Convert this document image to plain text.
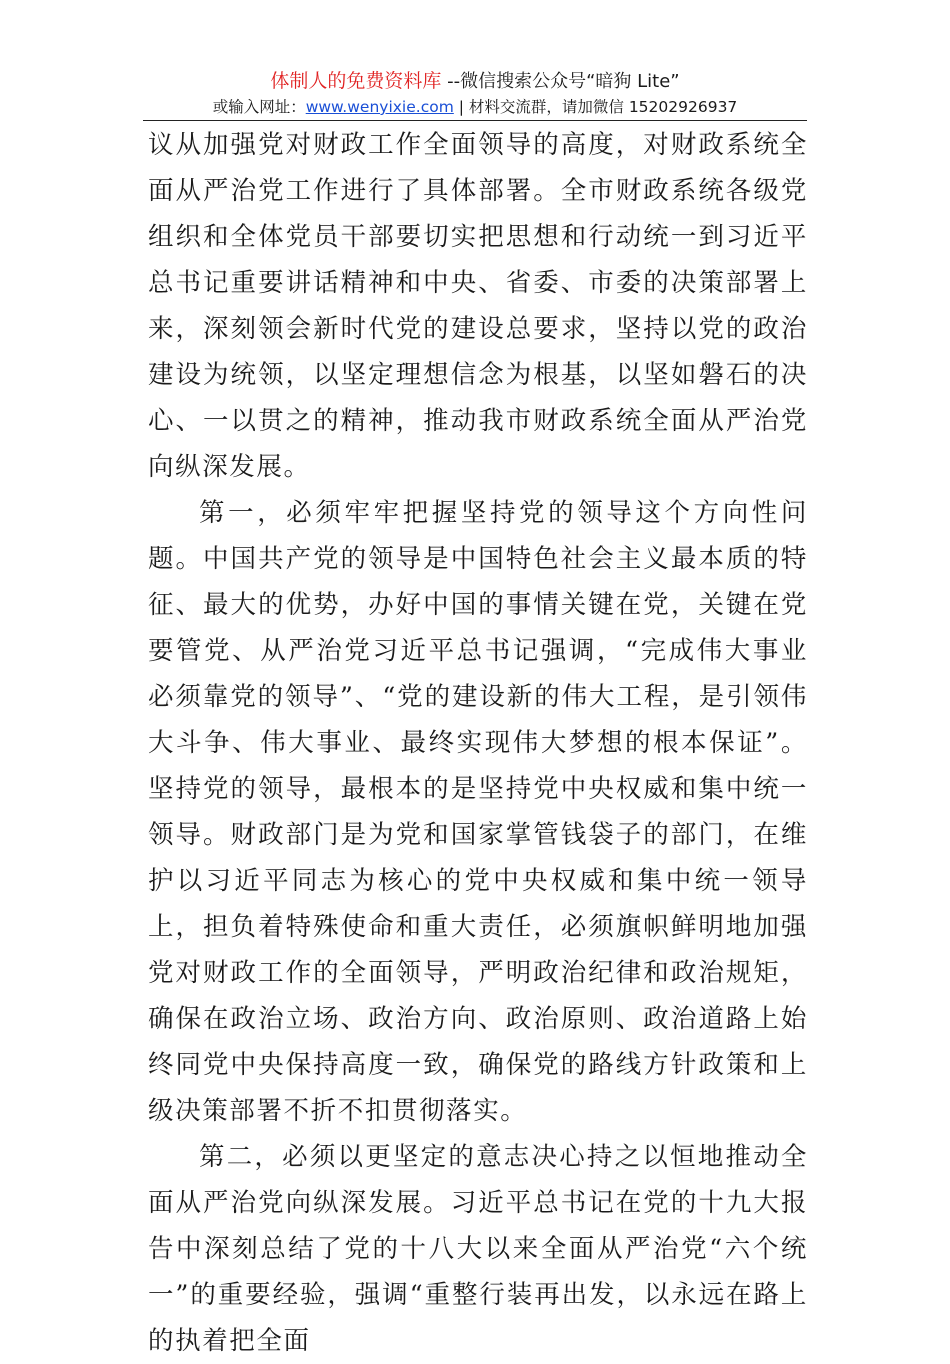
体制人的免费资料库 --微信搜索公众号“暗狗 Lite”
或输入网址：www.wenyixie.com | 材料交流群，请加微信 15202926937

议从加强党对财政工作全面领导的高度，对财政系统全面从严治党工作进行了具体部署。全市财政系统各级党组织和全体党员干部要切实把思想和行动统一到习近平总书记重要讲话精神和中央、省委、市委的决策部署上来，深刻领会新时代党的建设总要求，坚持以党的政治建设为统领，以坚定理想信念为根基，以坚如磐石的决心、一以贯之的精神，推动我市财政系统全面从严治党向纵深发展。

第一，必须牢牢把握坚持党的领导这个方向性问题。中国共产党的领导是中国特色社会主义最本质的特征、最大的优势，办好中国的事情关键在党，关键在党要管党、从严治党习近平总书记强调，“完成伟大事业必须靠党的领导”、“党的建设新的伟大工程，是引领伟大斗争、伟大事业、最终实现伟大梦想的根本保证”。坚持党的领导，最根本的是坚持党中央权威和集中统一领导。财政部门是为党和国家掌管钱袋子的部门，在维护以习近平同志为核心的党中央权威和集中统一领导上，担负着特殊使命和重大责任，必须旗帜鲜明地加强党对财政工作的全面领导，严明政治纪律和政治规矩，确保在政治立场、政治方向、政治原则、政治道路上始终同党中央保持高度一致，确保党的路线方针政策和上级决策部署不折不扣贯彻落实。

第二，必须以更坚定的意志决心持之以恒地推动全面从严治党向纵深发展。习近平总书记在党的十九大报告中深刻总结了党的十八大以来全面从严治党“六个统一”的重要经验，强调“重整行装再出发，以永远在路上的执着把全面
